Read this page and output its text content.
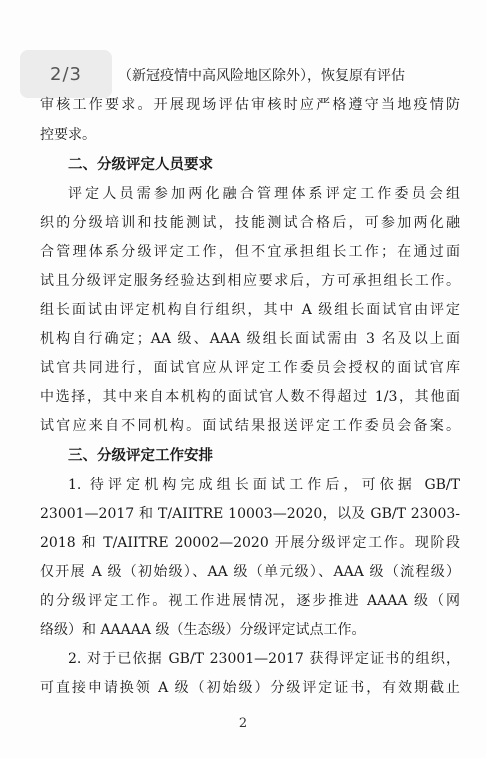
2/3	（新冠疫情中高风险地区除外），恢复原有评估
审核工作要求。开展现场评估审核时应严格遵守当地疫情防
控要求。
二、分级评定人员要求
评定人员需参加两化融合管理体系评定工作委员会组
织的分级培训和技能测试，技能测试合格后，可参加两化融
合管理体系分级评定工作，但不宜承担组长工作；在通过面
试且分级评定服务经验达到相应要求后，方可承担组长工作。
组长面试由评定机构自行组织，其中 A 级组长面试官由评定
机构自行确定；AA 级、AAA 级组长面试需由 3 名及以上面
试官共同进行，面试官应从评定工作委员会授权的面试官库
中选择，其中来自本机构的面试官人数不得超过 1/3，其他面
试官应来自不同机构。面试结果报送评定工作委员会备案。
三、分级评定工作安排
1. 待评定机构完成组长面试工作后，可依据 GB/T
23001—2017 和 T/AIITRE 10003—2020，以及 GB/T 23003-
2018 和 T/AIITRE 20002—2020 开展分级评定工作。现阶段
仅开展 A 级（初始级）、AA 级（单元级）、AAA 级（流程级）
的分级评定工作。视工作进展情况，逐步推进 AAAA 级（网
络级）和 AAAAA 级（生态级）分级评定试点工作。
2. 对于已依据 GB/T 23001—2017 获得评定证书的组织，
可直接申请换领 A 级（初始级）分级评定证书，有效期截止
2
